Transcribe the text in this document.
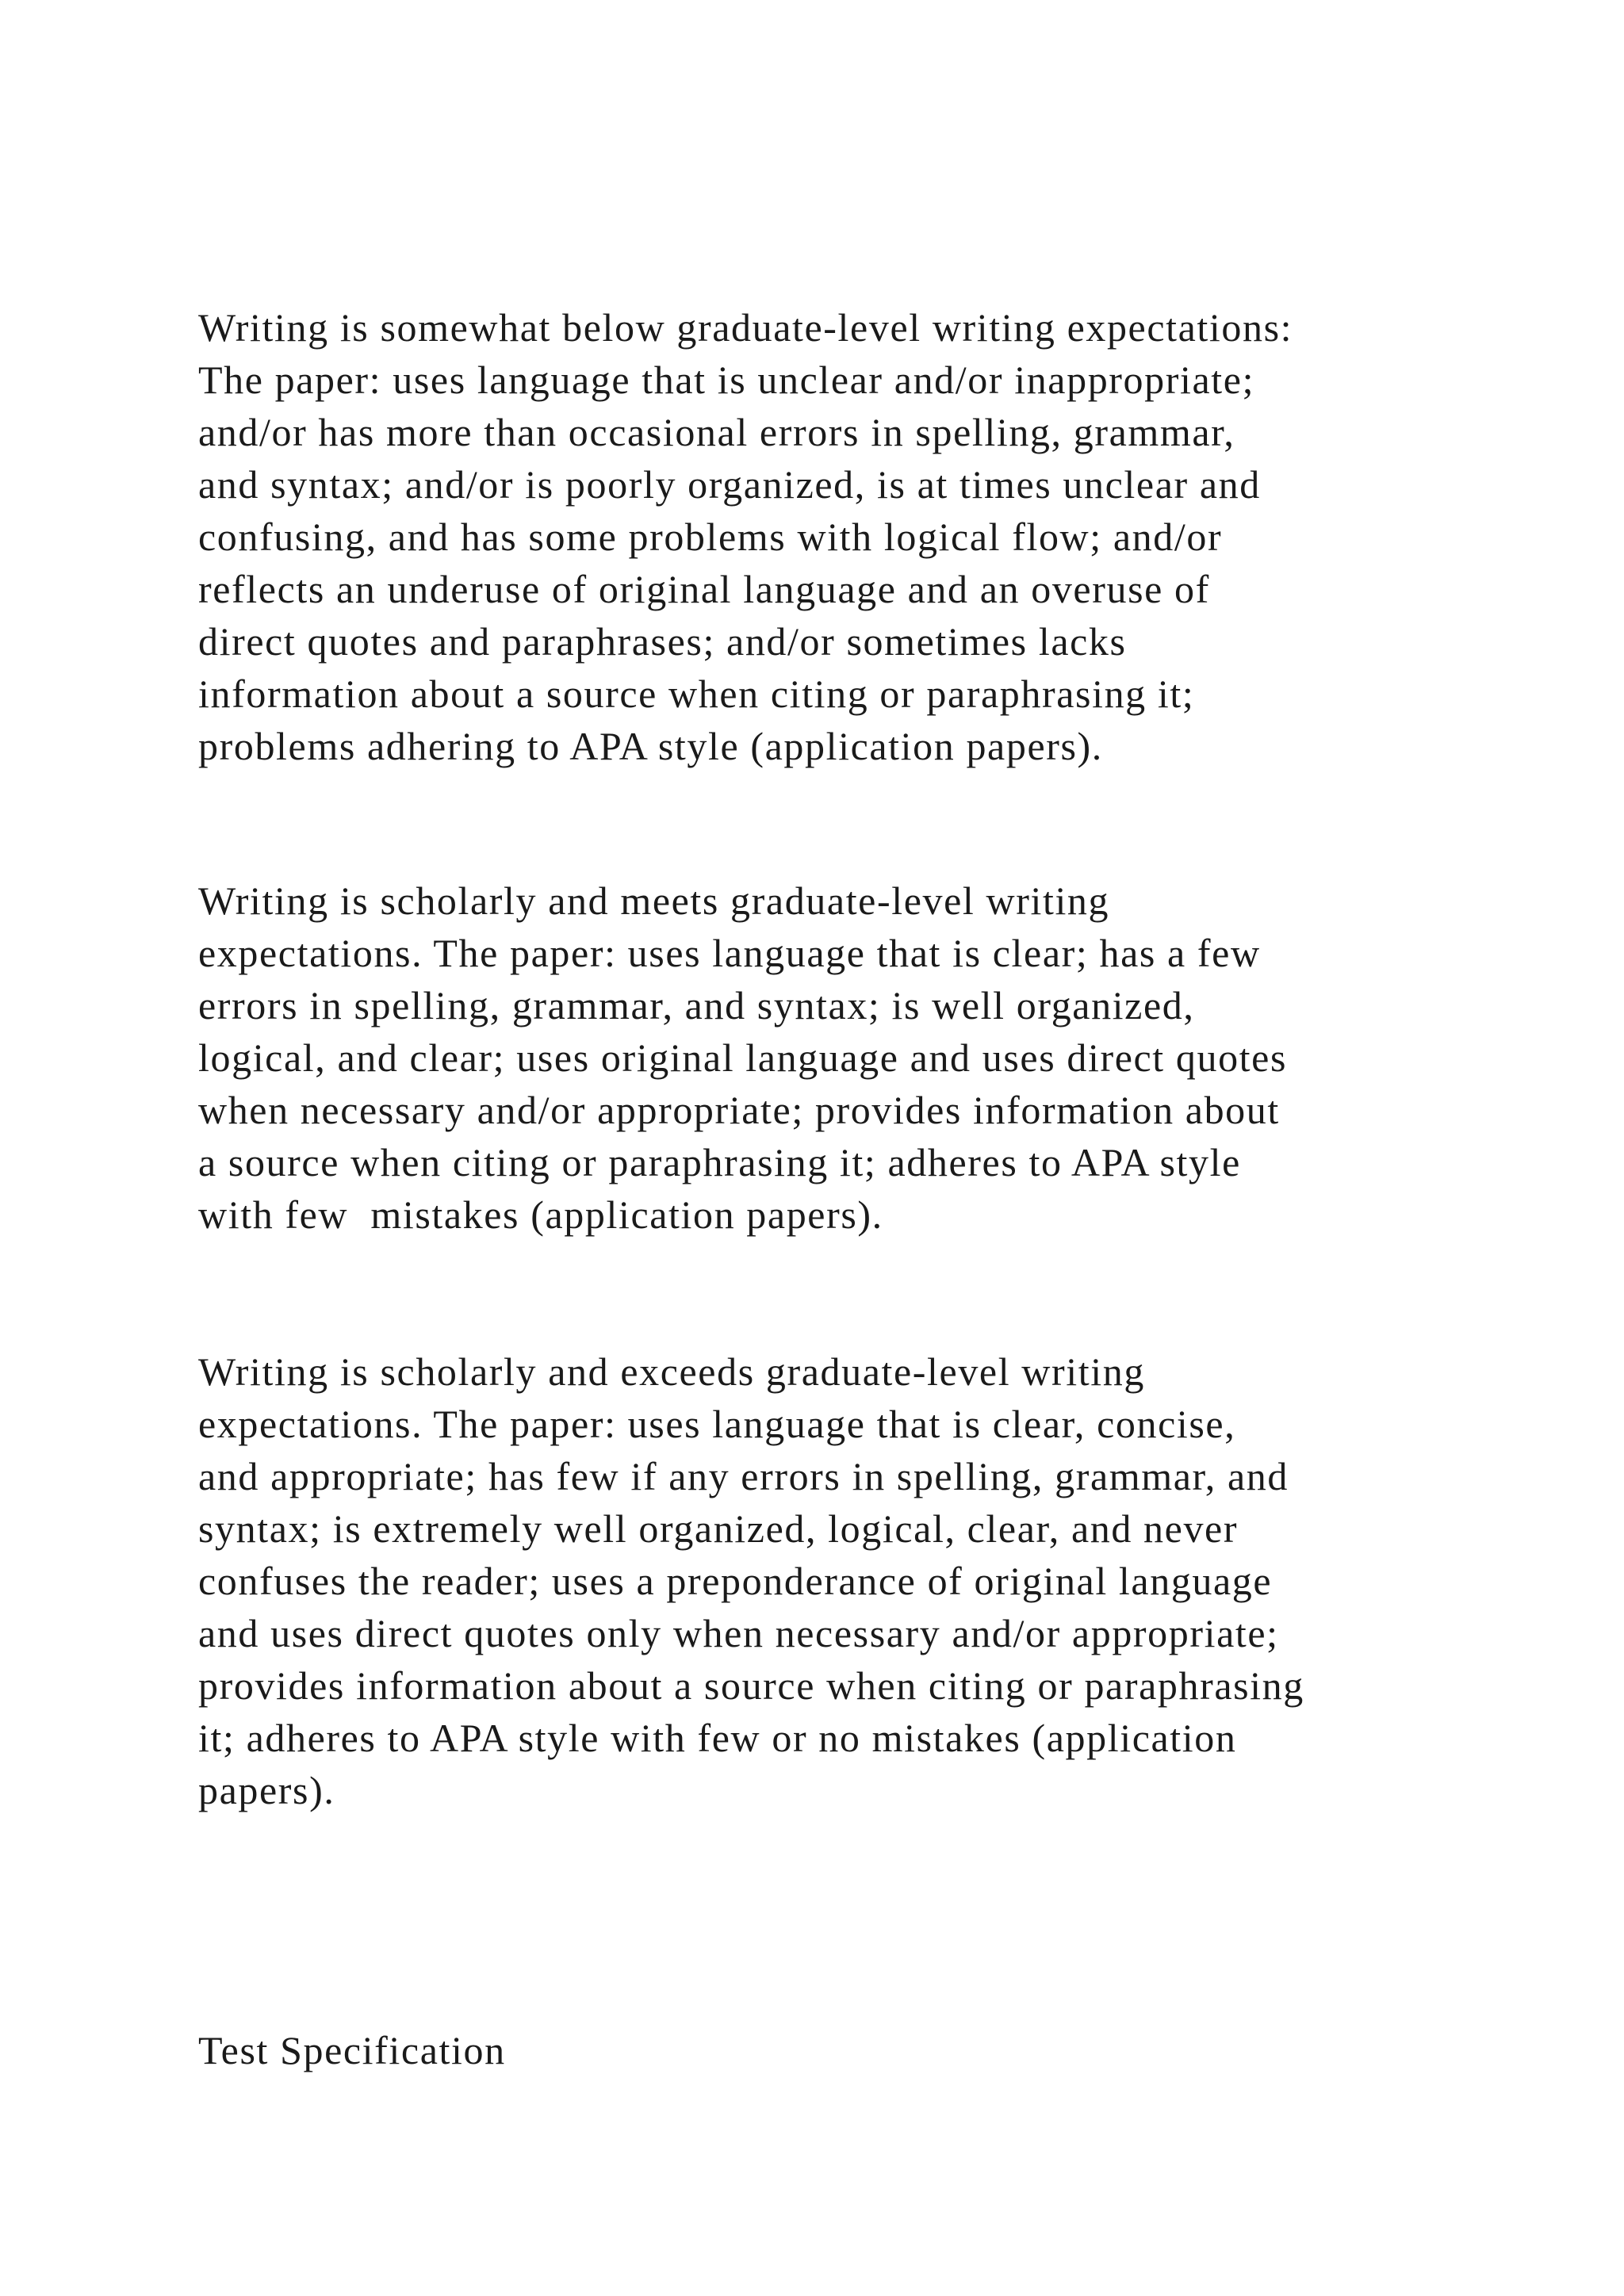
Writing is somewhat below graduate-level writing expectations:
The paper: uses language that is unclear and/or inappropriate;
and/or has more than occasional errors in spelling, grammar,
and syntax; and/or is poorly organized, is at times unclear and
confusing, and has some problems with logical flow; and/or
reflects an underuse of original language and an overuse of
direct quotes and paraphrases; and/or sometimes lacks
information about a source when citing or paraphrasing it;
problems adhering to APA style (application papers).
Writing is scholarly and meets graduate-level writing
expectations. The paper: uses language that is clear; has a few
errors in spelling, grammar, and syntax; is well organized,
logical, and clear; uses original language and uses direct quotes
when necessary and/or appropriate; provides information about
a source when citing or paraphrasing it; adheres to APA style
with few  mistakes (application papers).
Writing is scholarly and exceeds graduate-level writing
expectations. The paper: uses language that is clear, concise,
and appropriate; has few if any errors in spelling, grammar, and
syntax; is extremely well organized, logical, clear, and never
confuses the reader; uses a preponderance of original language
and uses direct quotes only when necessary and/or appropriate;
provides information about a source when citing or paraphrasing
it; adheres to APA style with few or no mistakes (application
papers).
Test Specification
